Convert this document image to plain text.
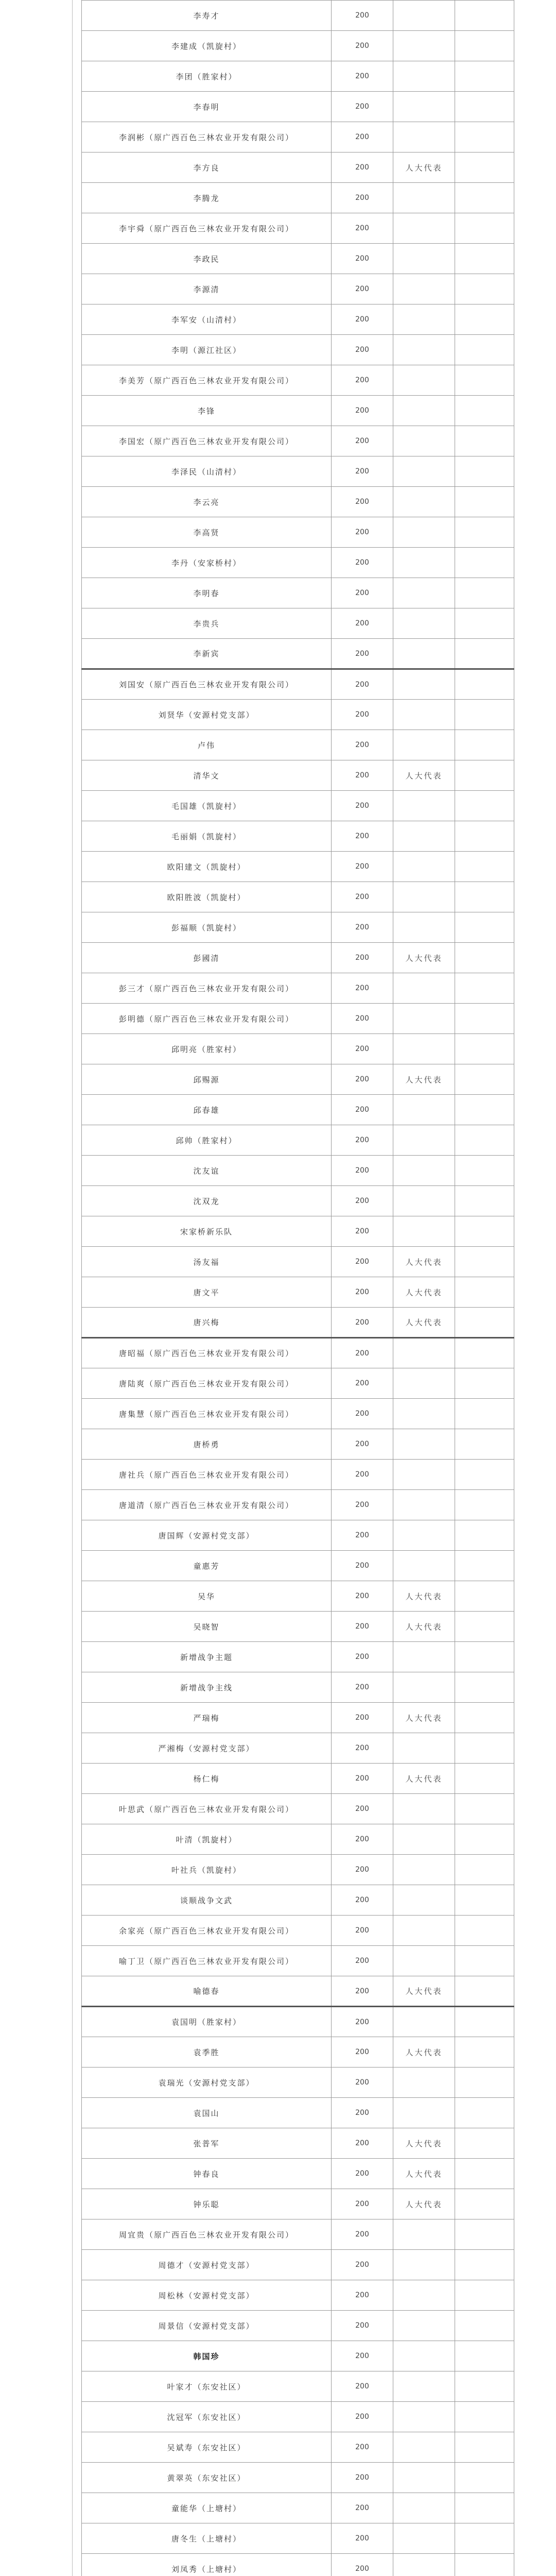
李寿才	200		
李建成（凯旋村）	200		
李团（胜家村）	200		
李春明	200		
李润彬（原广西百色三林农业开发有限公司）	200		
李方良	200	人大代表	
李腾龙	200		
李宇舜（原广西百色三林农业开发有限公司）	200		
李政民	200		
李源清	200		
李军安（山清村）	200		
李明（源江社区）	200		
李美芳（原广西百色三林农业开发有限公司）	200		
李锋	200		
李国宏（原广西百色三林农业开发有限公司）	200		
李泽民（山清村）	200		
李云亮	200		
李高贤	200		
李丹（安家桥村）	200		
李明春	200		
李贵兵	200		
李新宾	200		
刘国安（原广西百色三林农业开发有限公司）	200		
刘贤华（安源村党支部）	200		
卢伟	200		
清华文	200	人大代表	
毛国雄（凯旋村）	200		
毛丽娟（凯旋村）	200		
欧阳建文（凯旋村）	200		
欧阳胜波（凯旋村）	200		
彭福顺（凯旋村）	200		
彭國清	200	人大代表	
彭三才（原广西百色三林农业开发有限公司）	200		
彭明德（原广西百色三林农业开发有限公司）	200		
邱明亮（胜家村）	200		
邱赐源	200	人大代表	
邱春雄	200		
邱帅（胜家村）	200		
沈友谊	200		
沈双龙	200		
宋家桥新乐队	200		
汤友福	200	人大代表	
唐文平	200	人大代表	
唐兴梅	200	人大代表	
唐昭福（原广西百色三林农业开发有限公司）	200		
唐陆爽（原广西百色三林农业开发有限公司）	200		
唐集慧（原广西百色三林农业开发有限公司）	200		
唐桥勇	200		
唐社兵（原广西百色三林农业开发有限公司）	200		
唐道清（原广西百色三林农业开发有限公司）	200		
唐国辉（安源村党支部）	200		
童惠芳	200		
吴华	200	人大代表	
吴晓智	200	人大代表	
新增战争主题	200		
新增战争主线	200		
严瑞梅	200	人大代表	
严湘梅（安源村党支部）	200		
杨仁梅	200	人大代表	
叶思武（原广西百色三林农业开发有限公司）	200		
叶清（凯旋村）	200		
叶社兵（凯旋村）	200		
谈顺战争文武	200		
余家亮（原广西百色三林农业开发有限公司）	200		
喻丁卫（原广西百色三林农业开发有限公司）	200		
喻德春	200	人大代表	
袁国明（胜家村）	200		
袁季胜	200	人大代表	
袁瑞光（安源村党支部）	200		
袁国山	200		
张普军	200	人大代表	
钟春良	200	人大代表	
钟乐聪	200	人大代表	
周宜贵（原广西百色三林农业开发有限公司）	200		
周德才（安源村党支部）	200		
周松林（安源村党支部）	200		
周景信（安源村党支部）	200		
韩国珍	200		
叶家才（东安社区）	200		
沈冠军（东安社区）	200		
吴斌寿（东安社区）	200		
黄翠英（东安社区）	200		
童能华（上塘村）	200		
唐冬生（上塘村）	200		
刘凤秀（上塘村）	200		
